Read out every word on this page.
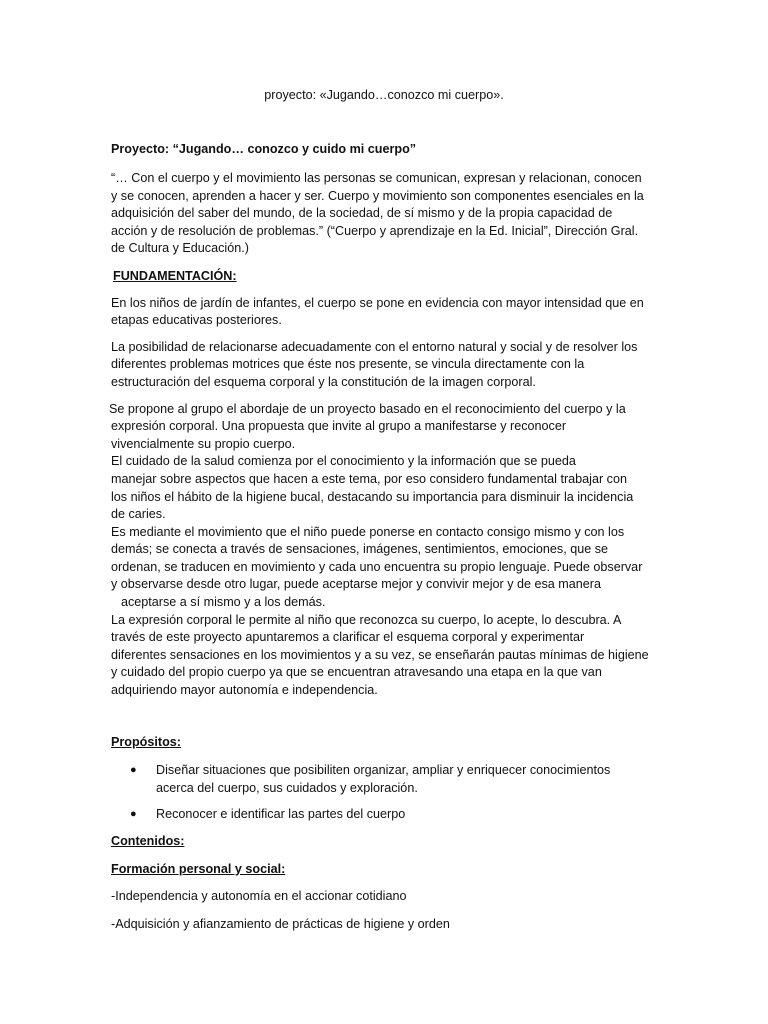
proyecto: «Jugando…conozco mi cuerpo».
Proyecto: “Jugando… conozco y cuido mi cuerpo”

“… Con el cuerpo y el movimiento las personas se comunican, expresan y relacionan, conocen

y se conocen, aprenden a hacer y ser. Cuerpo y movimiento son componentes esenciales en la

adquisición del saber del mundo, de la sociedad, de sí mismo y de la propia capacidad de

acción y de resolución de problemas.” (“Cuerpo y aprendizaje en la Ed. Inicial”, Dirección Gral.

de Cultura y Educación.)

FUNDAMENTACIÓN:

En los niños de jardín de infantes, el cuerpo se pone en evidencia con mayor intensidad que en

etapas educativas posteriores.

La posibilidad de relacionarse adecuadamente con el entorno natural y social y de resolver los

diferentes problemas motrices que éste nos presente, se vincula directamente con la

estructuración del esquema corporal y la constitución de la imagen corporal.

Se propone al grupo el abordaje de un proyecto basado en el reconocimiento del cuerpo y la

expresión corporal. Una propuesta que invite al grupo a manifestarse y reconocer

vivencialmente su propio cuerpo.

El cuidado de la salud comienza por el conocimiento y la información que se pueda

manejar sobre aspectos que hacen a este tema, por eso considero fundamental trabajar con

los niños el hábito de la higiene bucal, destacando su importancia para disminuir la incidencia

de caries.

Es mediante el movimiento que el niño puede ponerse en contacto consigo mismo y con los

demás; se conecta a través de sensaciones, imágenes, sentimientos, emociones, que se

ordenan, se traducen en movimiento y cada uno encuentra su propio lenguaje. Puede observar

y observarse desde otro lugar, puede aceptarse mejor y convivir mejor y de esa manera

aceptarse a sí mismo y a los demás.

La expresión corporal le permite al niño que reconozca su cuerpo, lo acepte, lo descubra. A

través de este proyecto apuntaremos a clarificar el esquema corporal y experimentar

diferentes sensaciones en los movimientos y a su vez, se enseñarán pautas mínimas de higiene

y cuidado del propio cuerpo ya que se encuentran atravesando una etapa en la que van

adquiriendo mayor autonomía e independencia.

Propósitos:
● Diseñar situaciones que posibiliten organizar, ampliar y enriquecer conocimientos

acerca del cuerpo, sus cuidados y exploración.

● Reconocer e identificar las partes del cuerpo

Contenidos:
Formación personal y social:
-Independencia y autonomía en el accionar cotidiano
-Adquisición y afianzamiento de prácticas de higiene y orden
